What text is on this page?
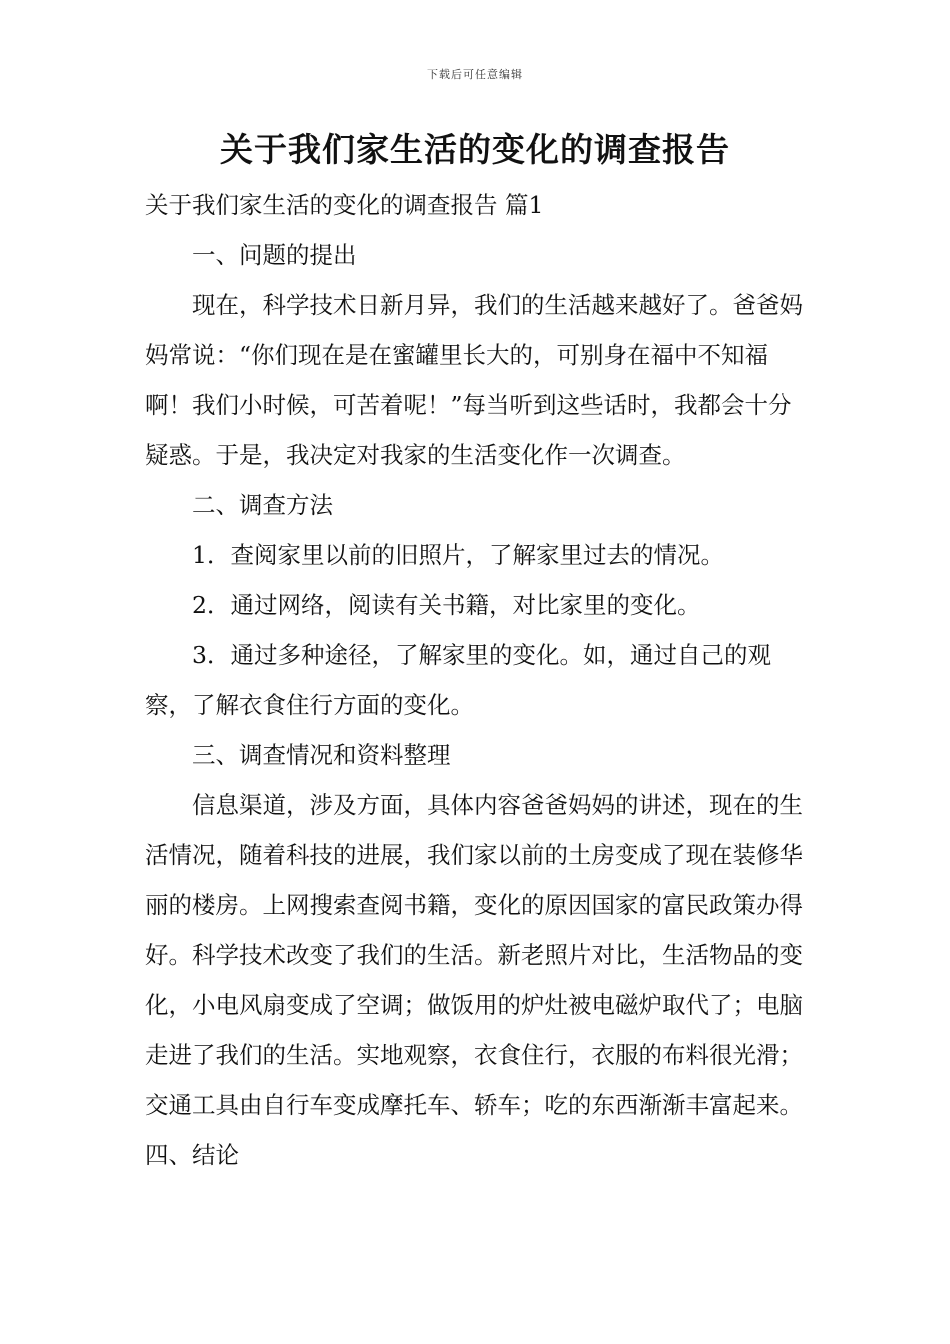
下载后可任意编辑
关于我们家生活的变化的调查报告

关于我们家生活的变化的调查报告 篇1

一、问题的提出

现在，科学技术日新月异，我们的生活越来越好了。爸爸妈妈常说：“你们现在是在蜜罐里长大的，可别身在福中不知福啊！我们小时候，可苦着呢！”每当听到这些话时，我都会十分疑惑。于是，我决定对我家的生活变化作一次调查。

二、调查方法

1．查阅家里以前的旧照片，了解家里过去的情况。

2．通过网络，阅读有关书籍，对比家里的变化。

3．通过多种途径，了解家里的变化。如，通过自己的观察，了解衣食住行方面的变化。

三、调查情况和资料整理

信息渠道，涉及方面，具体内容爸爸妈妈的讲述，现在的生活情况，随着科技的进展，我们家以前的土房变成了现在装修华丽的楼房。上网搜索查阅书籍，变化的原因国家的富民政策办得好。科学技术改变了我们的生活。新老照片对比，生活物品的变化，小电风扇变成了空调；做饭用的炉灶被电磁炉取代了；电脑走进了我们的生活。实地观察，衣食住行，衣服的布料很光滑；交通工具由自行车变成摩托车、轿车；吃的东西渐渐丰富起来。 四、结论
